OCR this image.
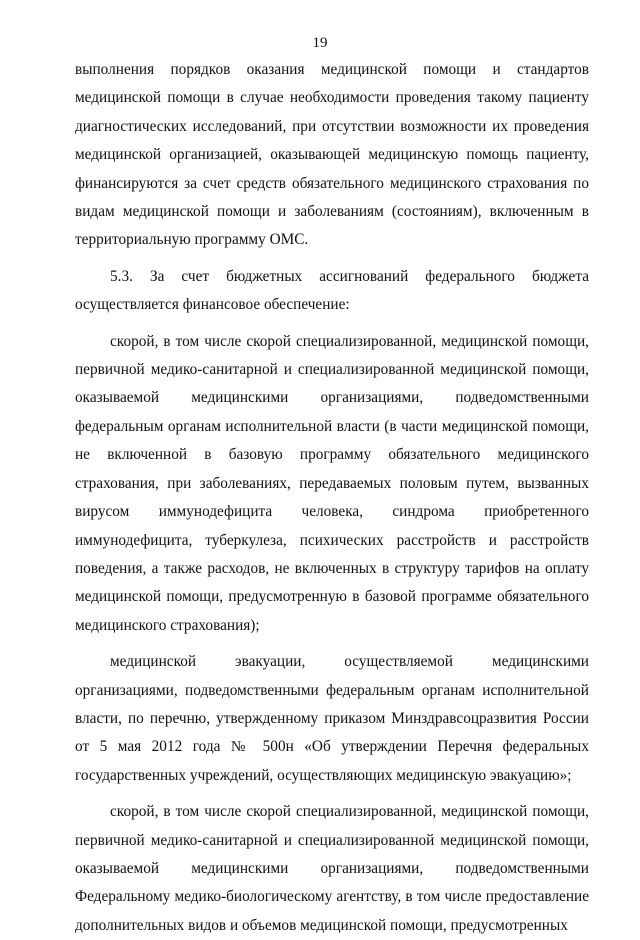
19

выполнения порядков оказания медицинской помощи и стандартов медицинской помощи в случае необходимости проведения такому пациенту диагностических исследований, при отсутствии возможности их проведения медицинской организацией, оказывающей медицинскую помощь пациенту, финансируются за счет средств обязательного медицинского страхования по видам медицинской помощи и заболеваниям (состояниям), включенным в территориальную программу ОМС.

5.3. За счет бюджетных ассигнований федерального бюджета осуществляется финансовое обеспечение:

скорой, в том числе скорой специализированной, медицинской помощи, первичной медико-санитарной и специализированной медицинской помощи, оказываемой медицинскими организациями, подведомственными федеральным органам исполнительной власти (в части медицинской помощи, не включенной в базовую программу обязательного медицинского страхования, при заболеваниях, передаваемых половым путем, вызванных вирусом иммунодефицита человека, синдрома приобретенного иммунодефицита, туберкулеза, психических расстройств и расстройств поведения, а также расходов, не включенных в структуру тарифов на оплату медицинской помощи, предусмотренную в базовой программе обязательного медицинского страхования);

медицинской эвакуации, осуществляемой медицинскими организациями, подведомственными федеральным органам исполнительной власти, по перечню, утвержденному приказом Минздравсоцразвития России от 5 мая 2012 года № 500н «Об утверждении Перечня федеральных государственных учреждений, осуществляющих медицинскую эвакуацию»;

скорой, в том числе скорой специализированной, медицинской помощи, первичной медико-санитарной и специализированной медицинской помощи, оказываемой медицинскими организациями, подведомственными Федеральному медико-биологическому агентству, в том числе предоставление дополнительных видов и объемов медицинской помощи, предусмотренных
